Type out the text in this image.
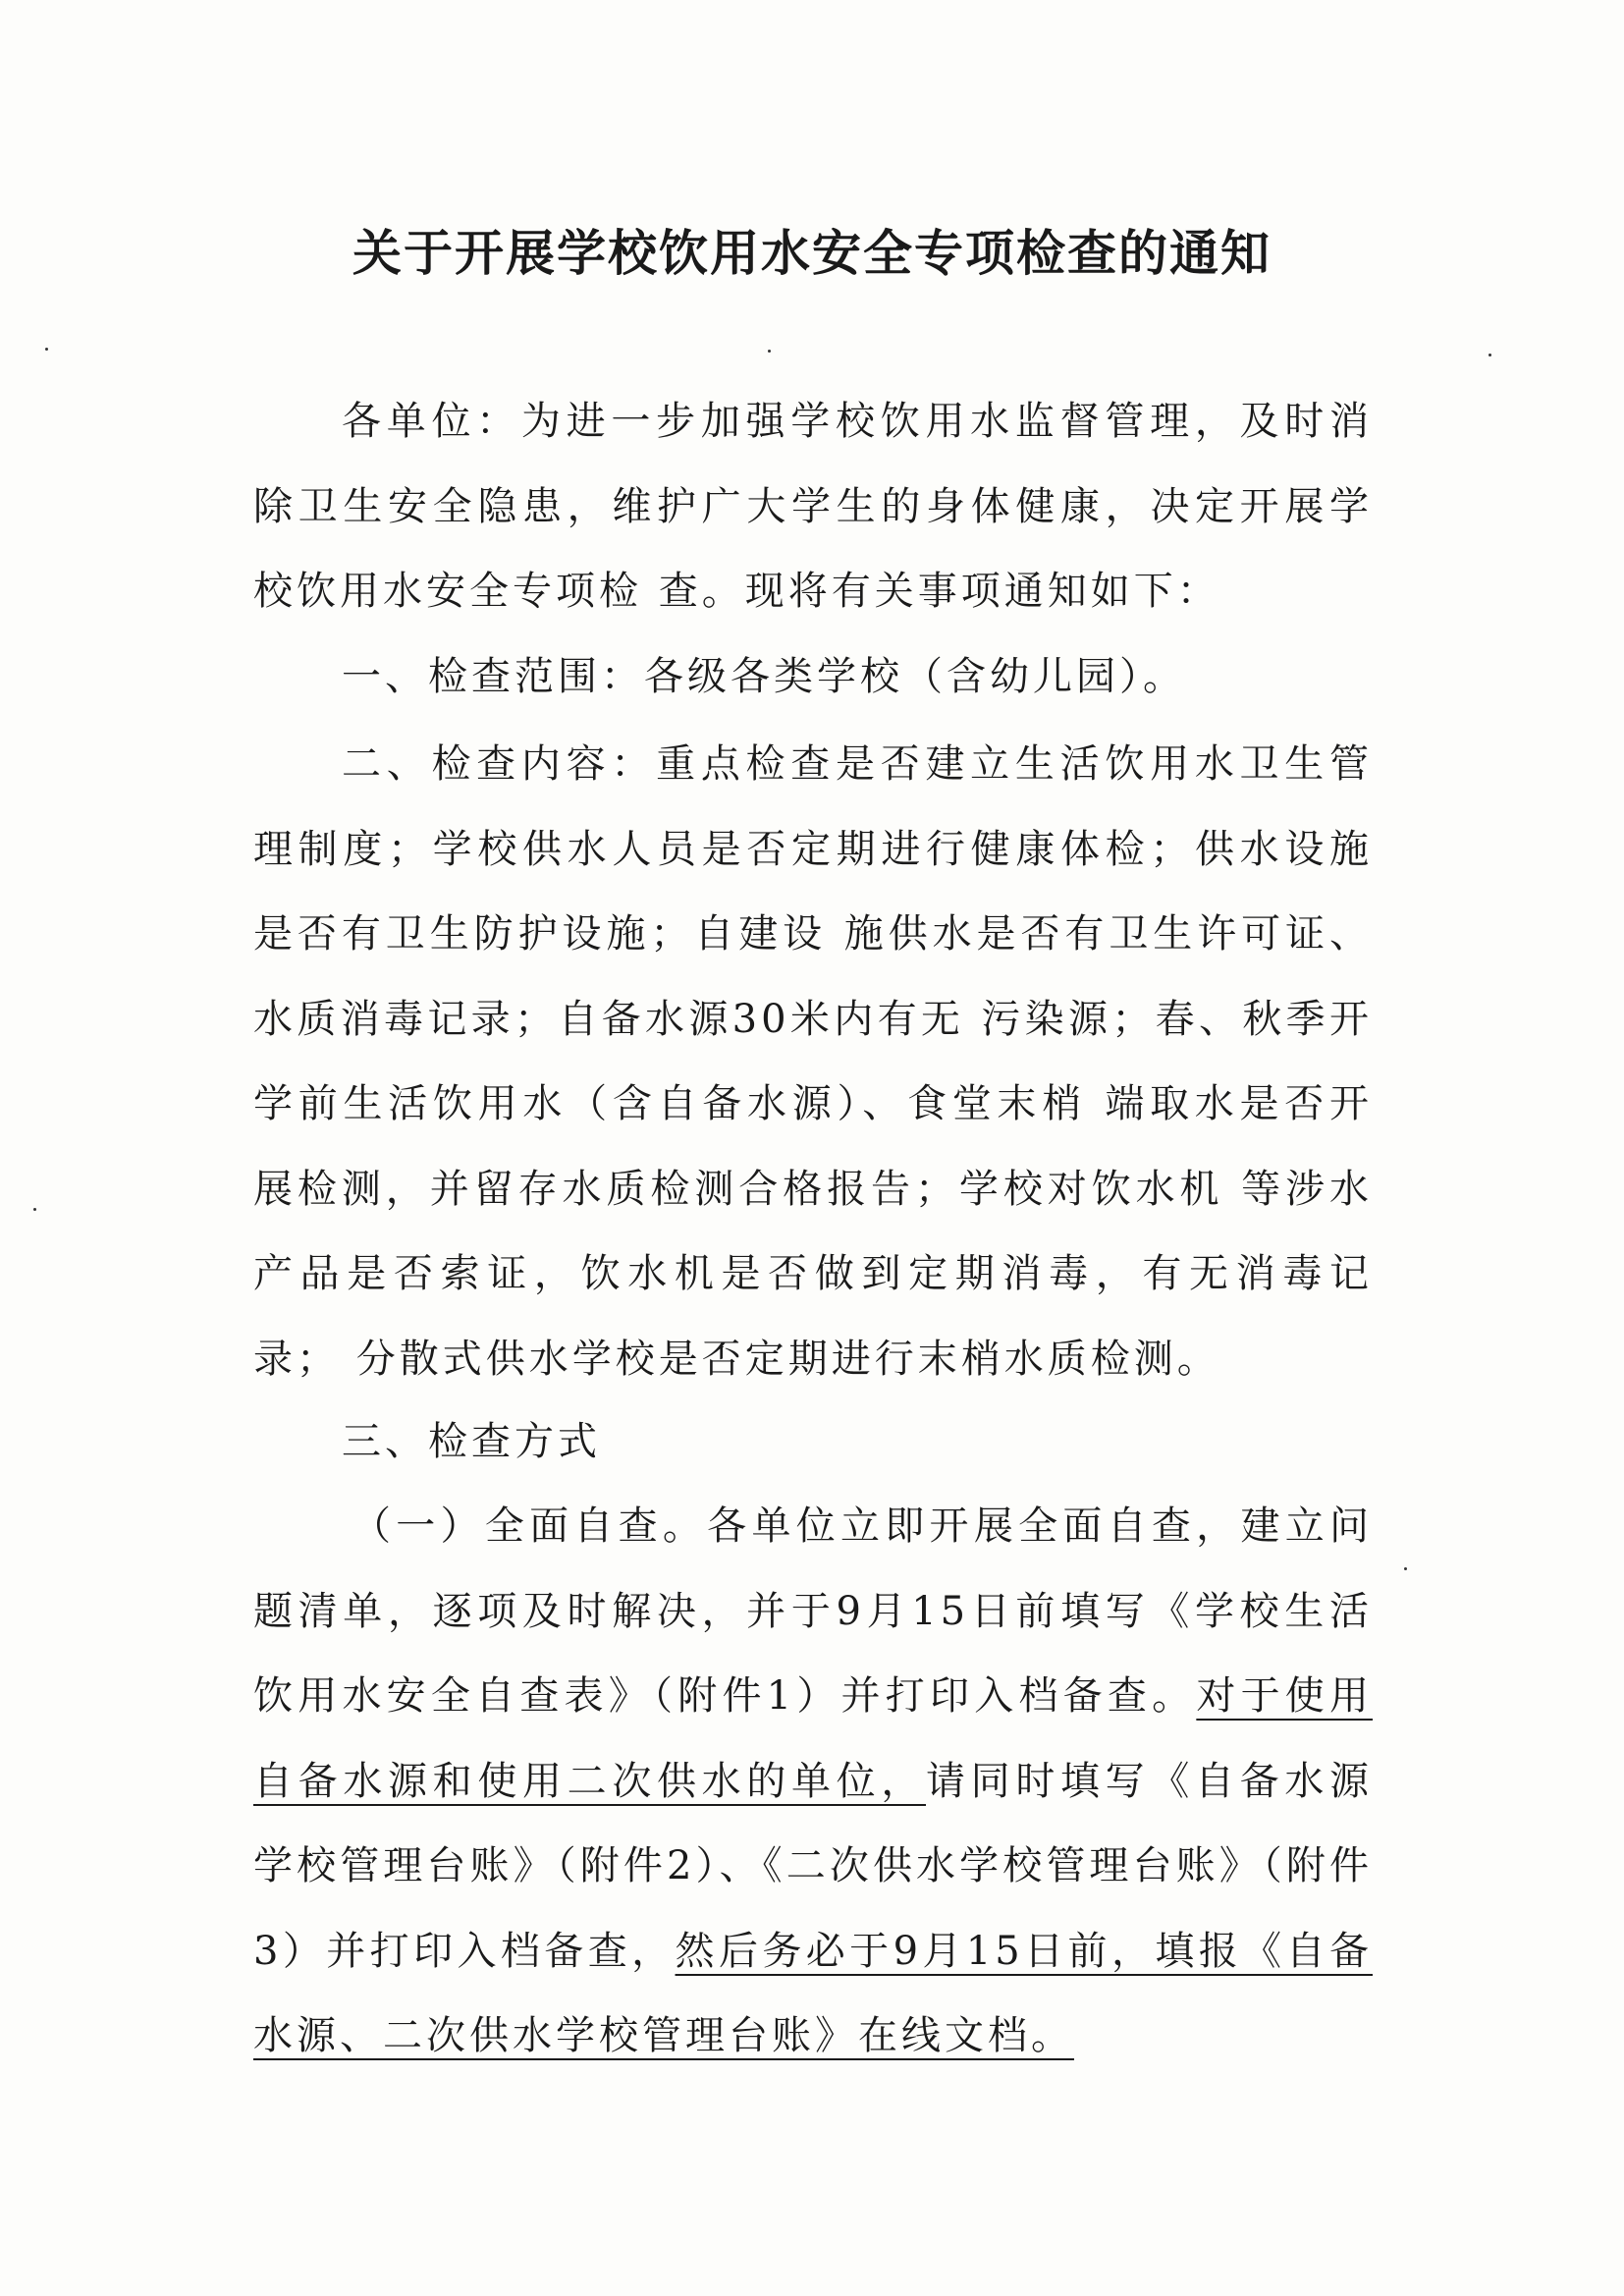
关于开展学校饮用水安全专项检查的通知
各单位：为进一步加强学校饮用水监督管理，及时消除卫生安全隐患，维护广大学生的身体健康，决定开展学校饮用水安全专项检 查。现将有关事项通知如下：
一、检查范围：各级各类学校（含幼儿园）。
二、检查内容：重点检查是否建立生活饮用水卫生管理制度；学校供水人员是否定期进行健康体检；供水设施是否有卫生防护设施；自建设 施供水是否有卫生许可证、水质消毒记录；自备水源30米内有无 污染源；春、秋季开学前生活饮用水（含自备水源）、食堂末梢 端取水是否开展检测，并留存水质检测合格报告；学校对饮水机 等涉水产品是否索证，饮水机是否做到定期消毒，有无消毒记录； 分散式供水学校是否定期进行末梢水质检测。
三、检查方式
（一）全面自查。各单位立即开展全面自查，建立问题清单，逐项及时解决，并于9月15日前填写《学校生活饮用水安全自查表》（附件1）并打印入档备查。对于使用自备水源和使用二次供水的单位，请同时填写《自备水源学校管理台账》（附件2）、《二次供水学校管理台账》（附件3）并打印入档备查，然后务必于9月15日前，填报《自备水源、二次供水学校管理台账》在线文档。
